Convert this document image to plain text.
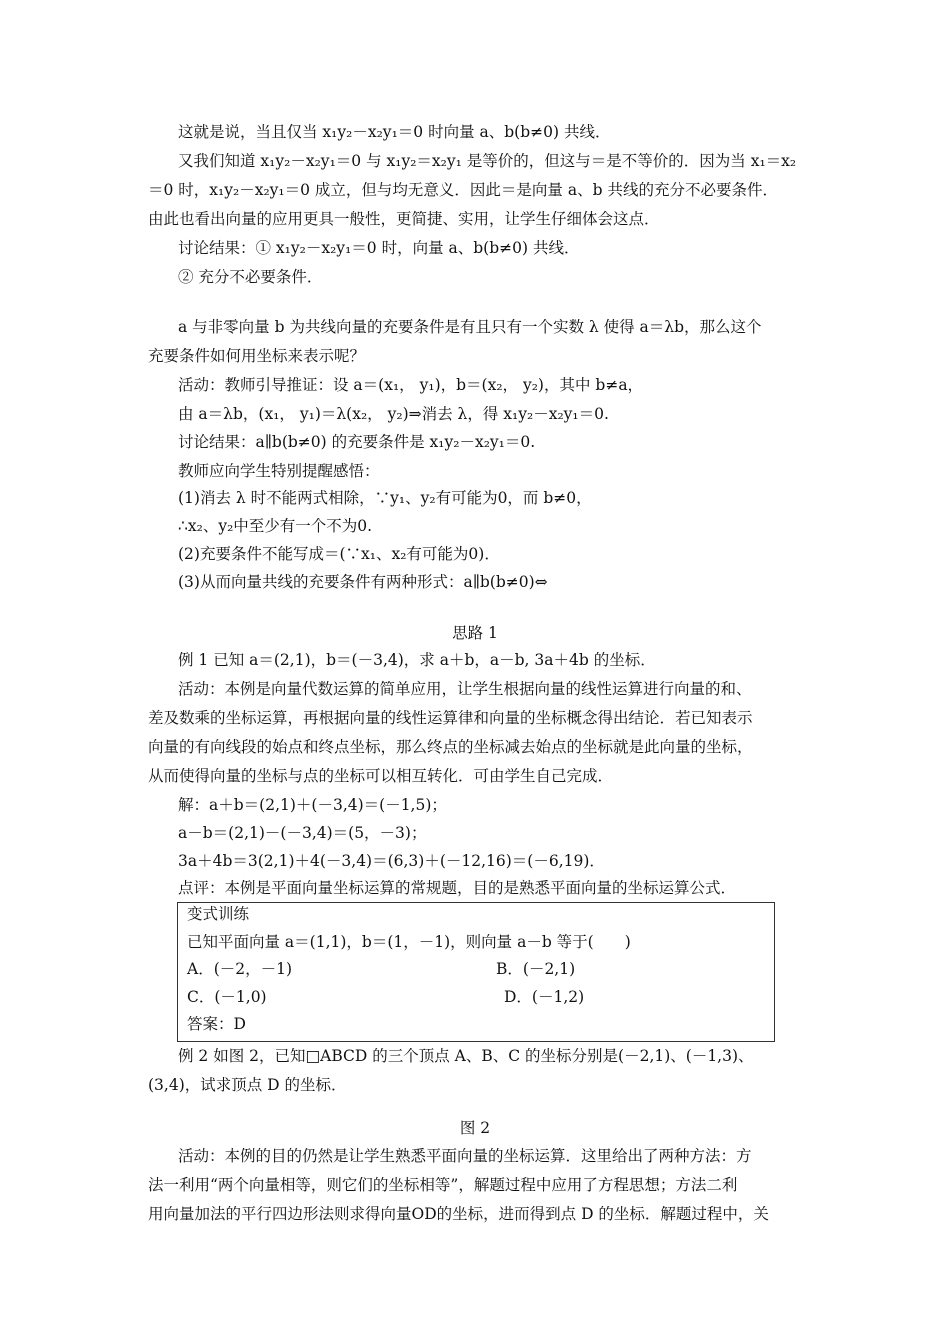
这就是说，当且仅当 x₁y₂－x₂y₁＝0 时向量 a、b(b≠0) 共线．
又我们知道 x₁y₂－x₂y₁＝0 与 x₁y₂＝x₂y₁ 是等价的，但这与＝是不等价的．因为当 x₁＝x₂
＝0 时，x₁y₂－x₂y₁＝0 成立，但与均无意义．因此＝是向量 a、b 共线的充分不必要条件．
由此也看出向量的应用更具一般性，更简捷、实用，让学生仔细体会这点．
讨论结果：① x₁y₂－x₂y₁＝0 时，向量 a、b(b≠0) 共线．
② 充分不必要条件．
a 与非零向量 b 为共线向量的充要条件是有且只有一个实数 λ 使得 a＝λb，那么这个
充要条件如何用坐标来表示呢？
活动：教师引导推证：设 a＝(x₁， y₁)，b＝(x₂， y₂)，其中 b≠a，
由 a＝λb，(x₁， y₁)＝λ(x₂， y₂)⇒消去 λ，得 x₁y₂－x₂y₁＝0.
讨论结果：a∥b(b≠0) 的充要条件是 x₁y₂－x₂y₁＝0.
教师应向学生特别提醒感悟：
(1)消去 λ 时不能两式相除，∵y₁、y₂有可能为0，而 b≠0，
∴x₂、y₂中至少有一个不为0.
(2)充要条件不能写成＝(∵x₁、x₂有可能为0)．
(3)从而向量共线的充要条件有两种形式：a∥b(b≠0)⇔
思路 1
例 1 已知 a＝(2,1)，b＝(－3,4)，求 a＋b，a－b, 3a＋4b 的坐标．
活动：本例是向量代数运算的简单应用，让学生根据向量的线性运算进行向量的和、
差及数乘的坐标运算，再根据向量的线性运算律和向量的坐标概念得出结论．若已知表示
向量的有向线段的始点和终点坐标，那么终点的坐标减去始点的坐标就是此向量的坐标，
从而使得向量的坐标与点的坐标可以相互转化．可由学生自己完成．
解：a＋b＝(2,1)＋(－3,4)＝(－1,5)；
a－b＝(2,1)－(－3,4)＝(5，－3)；
3a＋4b＝3(2,1)＋4(－3,4)＝(6,3)＋(－12,16)＝(－6,19)．
点评：本例是平面向量坐标运算的常规题，目的是熟悉平面向量的坐标运算公式．
变式训练
已知平面向量 a＝(1,1)，b＝(1，－1)，则向量 a－b 等于(　　)
A．(－2，－1)	B．(－2,1)
C．(－1,0)	D．(－1,2)
答案：D
例 2 如图 2，已知□ABCD 的三个顶点 A、B、C 的坐标分别是(－2,1)、(－1,3)、
(3,4)，试求顶点 D 的坐标．
图 2
活动：本例的目的仍然是让学生熟悉平面向量的坐标运算．这里给出了两种方法：方
法一利用“两个向量相等，则它们的坐标相等”，解题过程中应用了方程思想；方法二利
用向量加法的平行四边形法则求得向量OD的坐标，进而得到点 D 的坐标．解题过程中，关
